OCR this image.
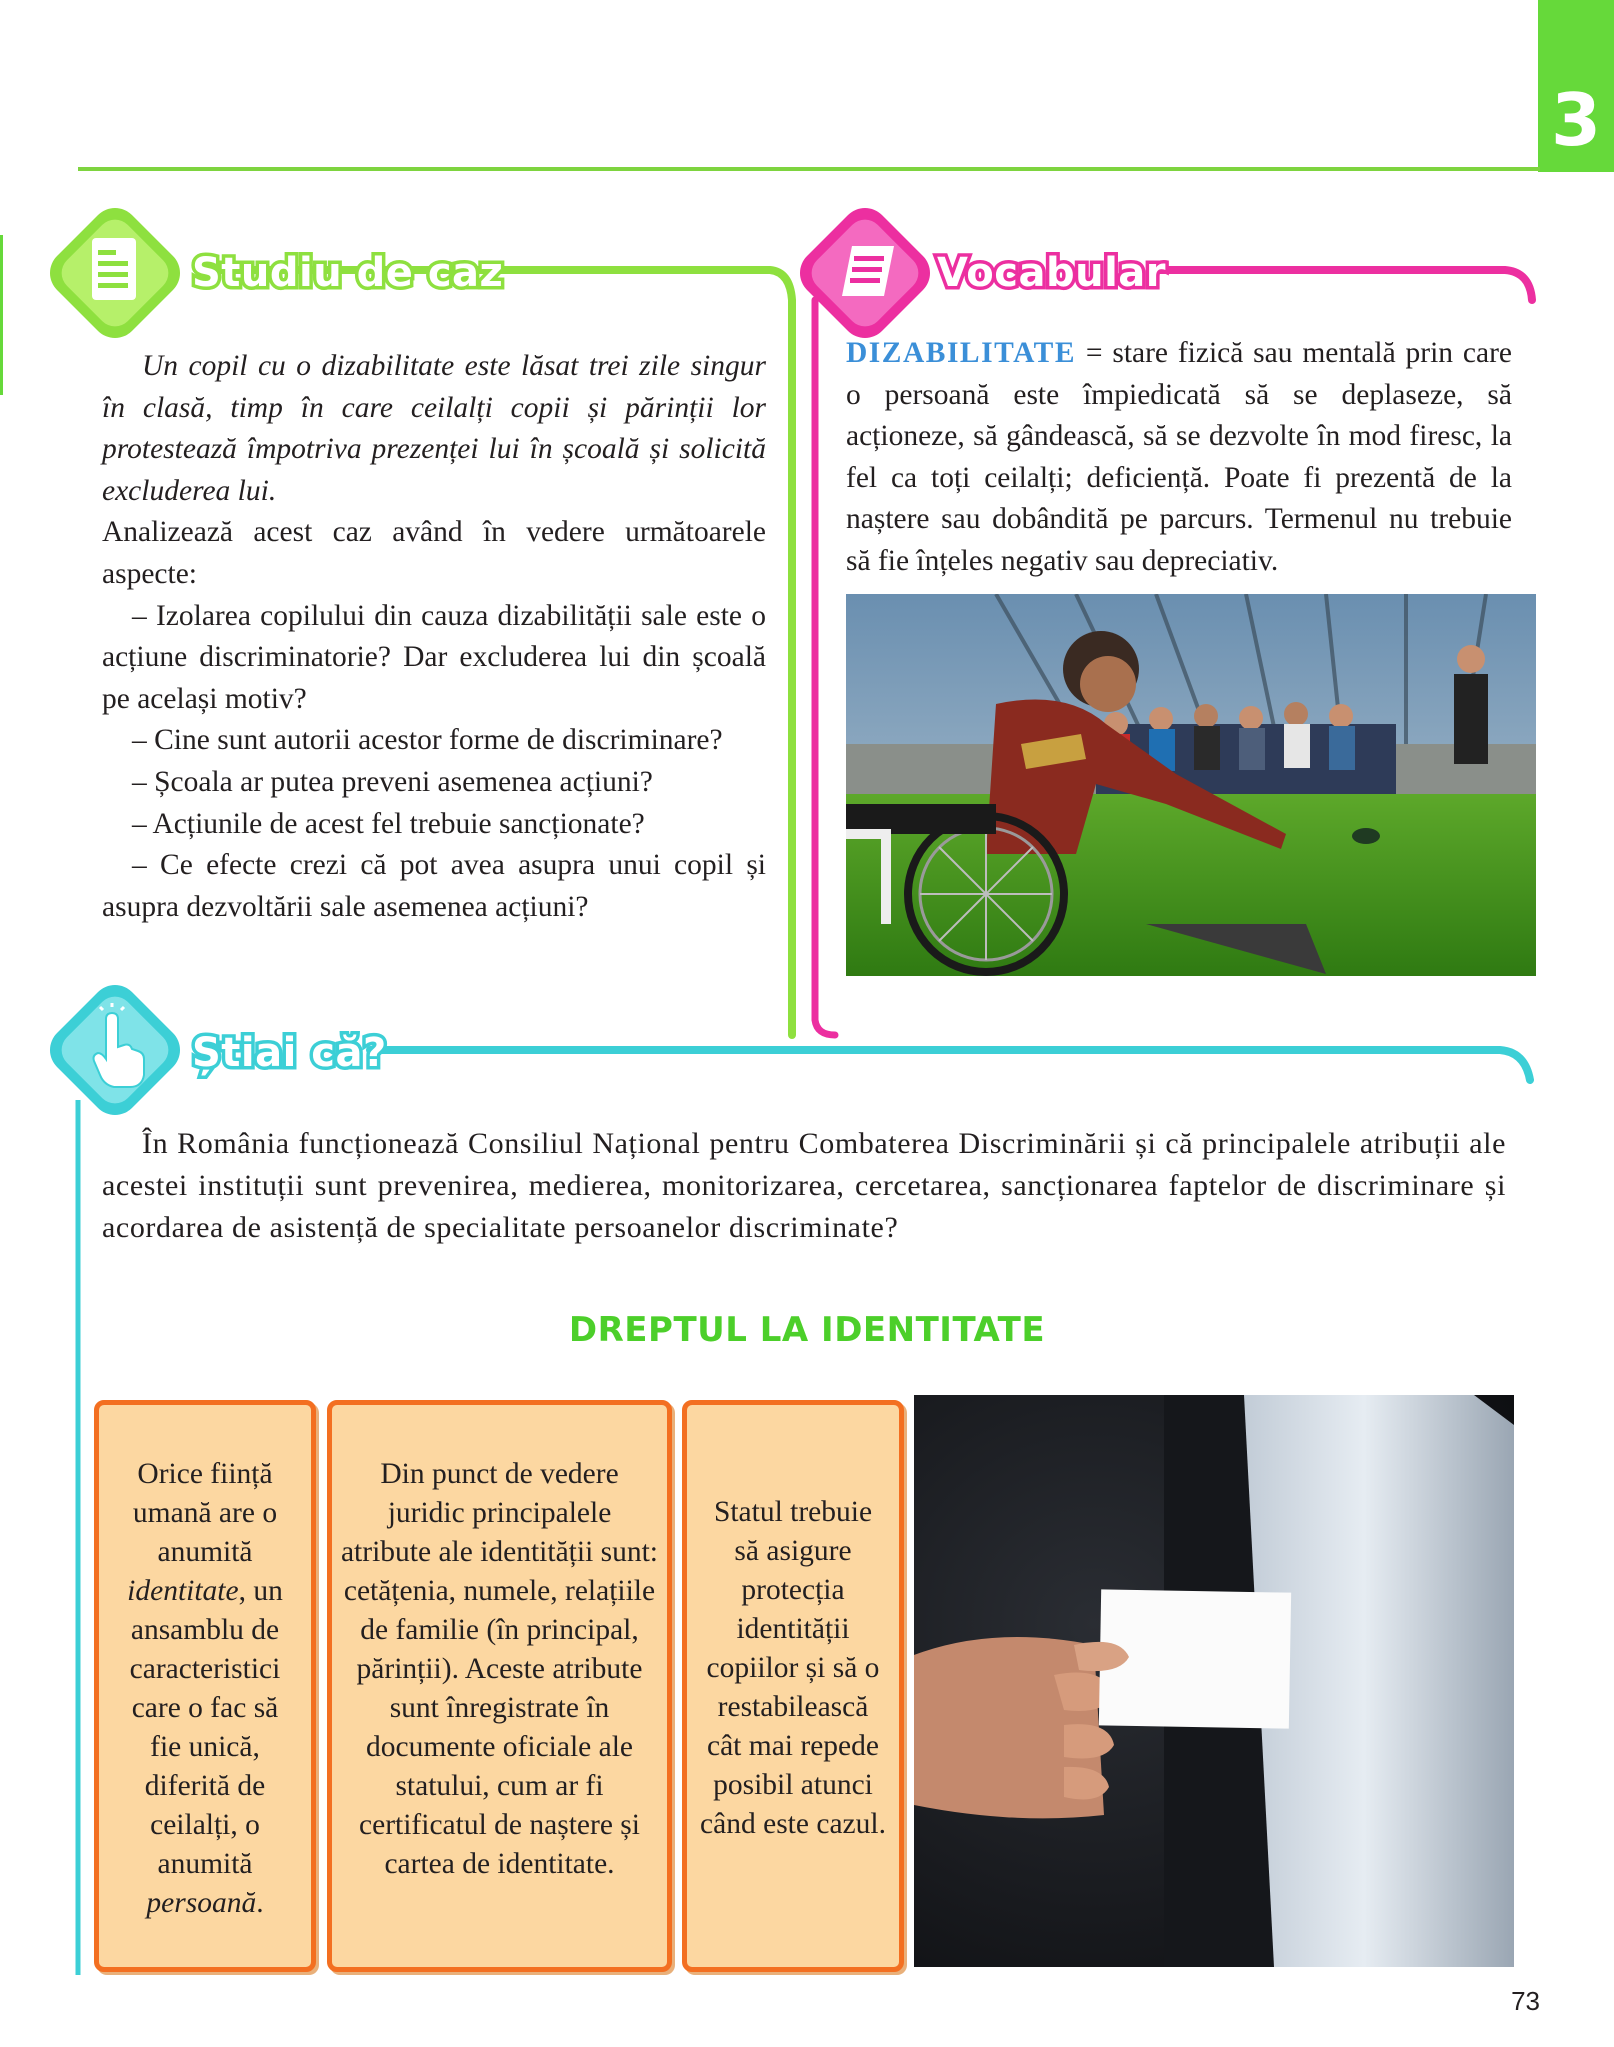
3
Studiu de caz	Vocabular
Știai că?

Un copil cu o dizabilitate este lăsat trei zile singur în clasă, timp în care ceilalți copii și părinții lor protestează împotriva prezenței lui în școală și solicită excluderea lui.

Analizează acest caz având în vedere următoarele aspecte:

– Izolarea copilului din cauza dizabilității sale este o acțiune discriminatorie? Dar excluderea lui din școală pe același motiv?

– Cine sunt autorii acestor forme de discriminare?

– Școala ar putea preveni asemenea acțiuni?

– Acțiunile de acest fel trebuie sancționate?

– Ce efecte crezi că pot avea asupra unui copil și asupra dezvoltării sale asemenea acțiuni?

DIZABILITATE = stare fizică sau mentală prin care o persoană este împiedicată să se deplaseze, să acționeze, să gândească, să se dezvolte în mod firesc, la fel ca toți ceilalți; deficiență. Poate fi prezentă de la naștere sau dobândită pe parcurs. Termenul nu trebuie să fie înțeles negativ sau depreciativ.

În România funcționează Consiliul Național pentru Combaterea Discriminării și că principalele atribuții ale acestei instituții sunt prevenirea, medierea, monitorizarea, cercetarea, sancționarea faptelor de discriminare și acordarea de asistență de specialitate persoanelor discriminate?

DREPTUL LA IDENTITATE
Orice ființă umană are o anumită identitate, un ansamblu de caracteristici care o fac să fie unică, diferită de ceilalți, o anumită persoană.
Din punct de vedere juridic principalele atribute ale identității sunt: cetățenia, numele, relațiile de familie (în principal, părinții). Aceste atribute sunt înregistrate în documente oficiale ale statului, cum ar fi certificatul de naștere și cartea de identitate.
Statul trebuie să asigure protecția identității copiilor și să o restabilească cât mai repede posibil atunci când este cazul.
73
